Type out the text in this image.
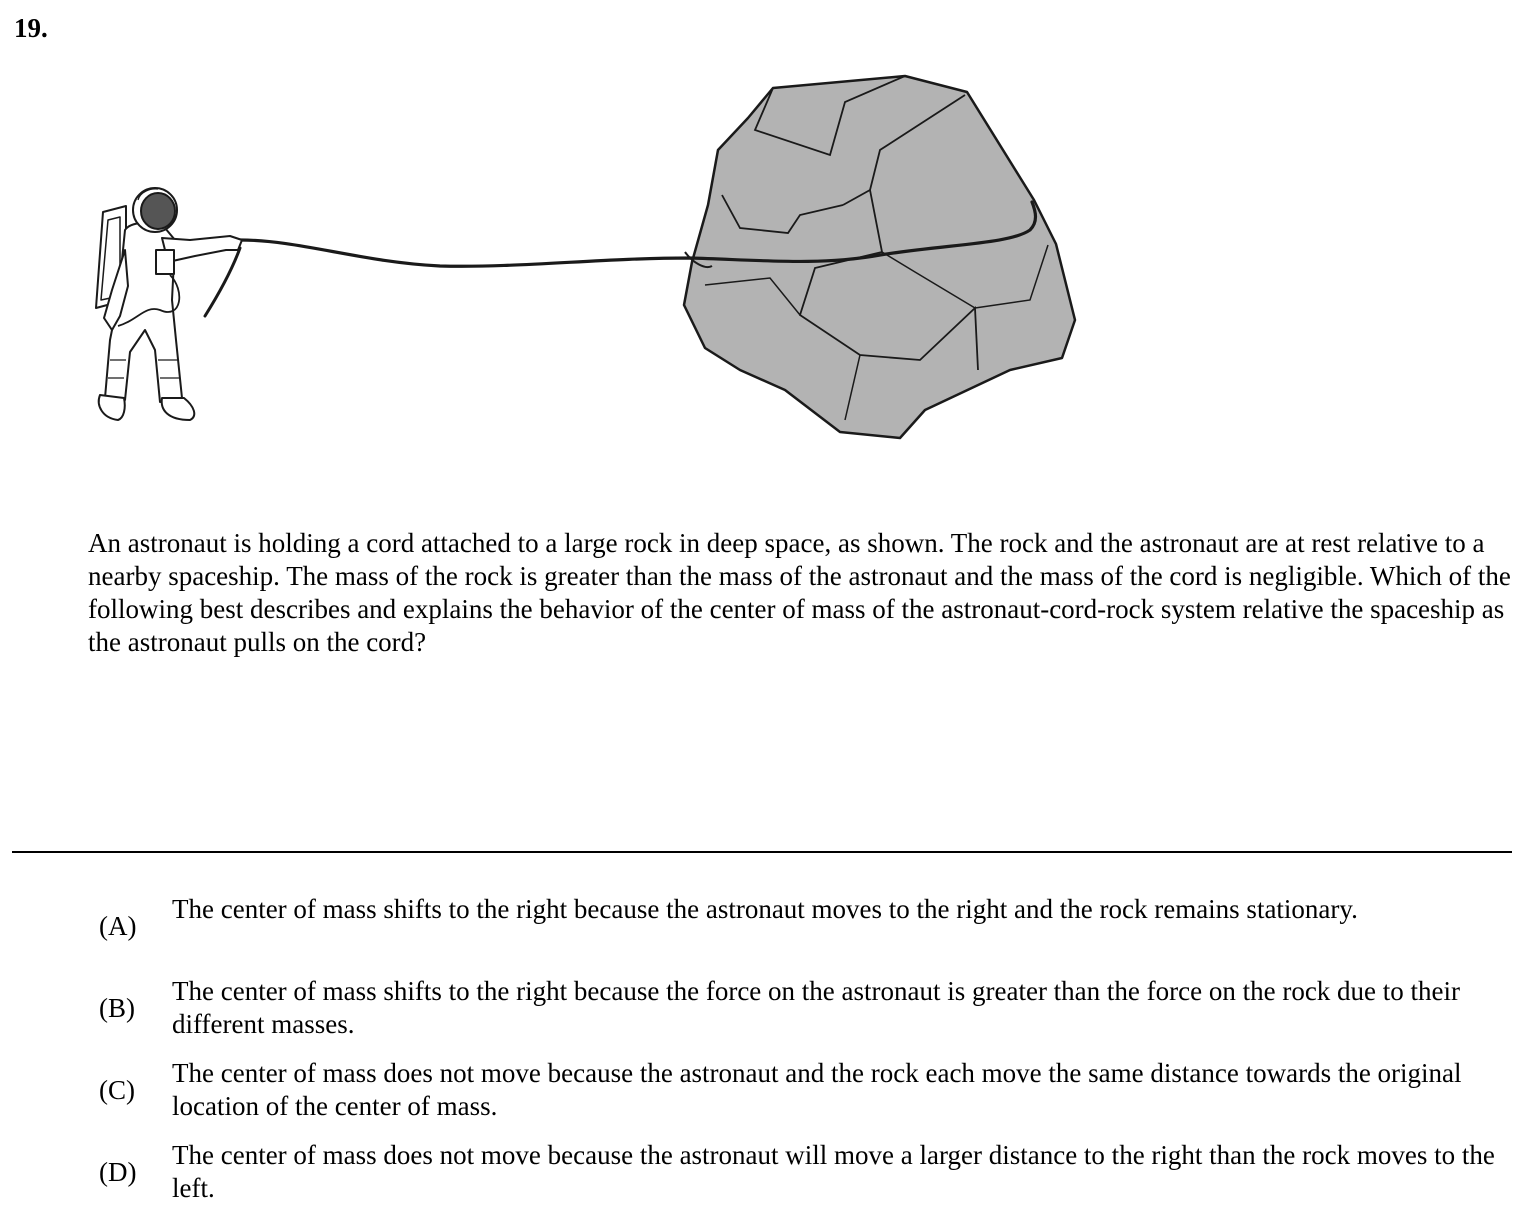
19.
An astronaut is holding a cord attached to a large rock in deep space, as shown. The rock and the astronaut are at rest relative to a nearby spaceship. The mass of the rock is greater than the mass of the astronaut and the mass of the cord is negligible. Which of the following best describes and explains the behavior of the center of mass of the astronaut-cord-rock system relative the spaceship as the astronaut pulls on the cord?
(A)
The center of mass shifts to the right because the astronaut moves to the right and the rock remains stationary.
(B)
The center of mass shifts to the right because the force on the astronaut is greater than the force on the rock due to their different masses.
(C)
The center of mass does not move because the astronaut and the rock each move the same distance towards the original location of the center of mass.
(D)
The center of mass does not move because the astronaut will move a larger distance to the right than the rock moves to the left.
